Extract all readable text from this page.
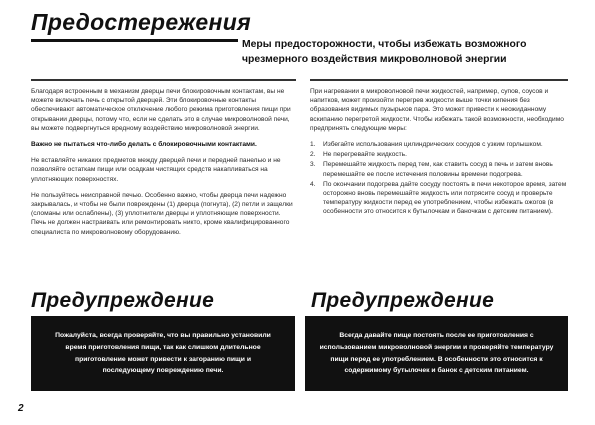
Предостережения
Меры предосторожности, чтобы избежать возможного чрезмерного воздействия микроволновой энергии

Благодаря встроенным в механизм дверцы печи блокировочным контактам, вы не можете включать печь с открытой дверцей. Эти блокировочные контакты обеспечивают автоматическое отключение любого режима приготовления пищи при открывании дверцы, потому что, если не сделать это в случае микроволновой печи, вы можете подвергнуться вредному воздействию микроволновой энергии.

Важно не пытаться что-либо делать с блокировочными контактами.

Не вставляйте никаких предметов между дверцей печи и передней панелью и не позволяйте остаткам пищи или осадкам чистящих средств накапливаться на уплотняющих поверхностях.

Не пользуйтесь неисправной печью. Особенно важно, чтобы дверца печи надежно закрывалась, и чтобы не были повреждены (1) дверца (погнута), (2) петли и защелки (сломаны или ослаблены), (3) уплотнители дверцы и уплотняющие поверхности.

Печь не должен настраивать или ремонтировать никто, кроме квалифицированного специалиста по микроволновому оборудованию.

При нагревании в микроволновой печи жидкостей, например, супов, соусов и напитков, может произойти перегрев жидкости выше точки кипения без образования видимых пузырьков пара. Это может привести к неожиданному вскипанию перегретой жидкости. Чтобы избежать такой возможности, необходимо предпринять следующие меры:

1. Избегайте использования цилиндрических сосудов с узким горлышком.
2. Не перегревайте жидкость.
3. Перемешайте жидкость перед тем, как ставить сосуд в печь и затем вновь перемешайте ее после истечения половины времени подогрева.
4. По окончании подогрева дайте сосуду постоять в печи некоторое время, затем осторожно вновь перемешайте жидкость или потрясите сосуд и проверьте температуру жидкости перед ее употреблением, чтобы избежать ожогов (в особенности это относится к бутылочкам и баночкам с детским питанием).
Предупреждение	Предупреждение
Пожалуйста, всегда проверяйте, что вы правильно установили время приготовления пищи, так как слишком длительное приготовление может привести к загоранию пищи и последующему повреждению печи.
Всегда давайте пище постоять после ее приготовления с использованием микроволновой энергии и проверяйте температуру пищи перед ее употреблением. В особенности это относится к содержимому бутылочек и банок с детским питанием.
2
